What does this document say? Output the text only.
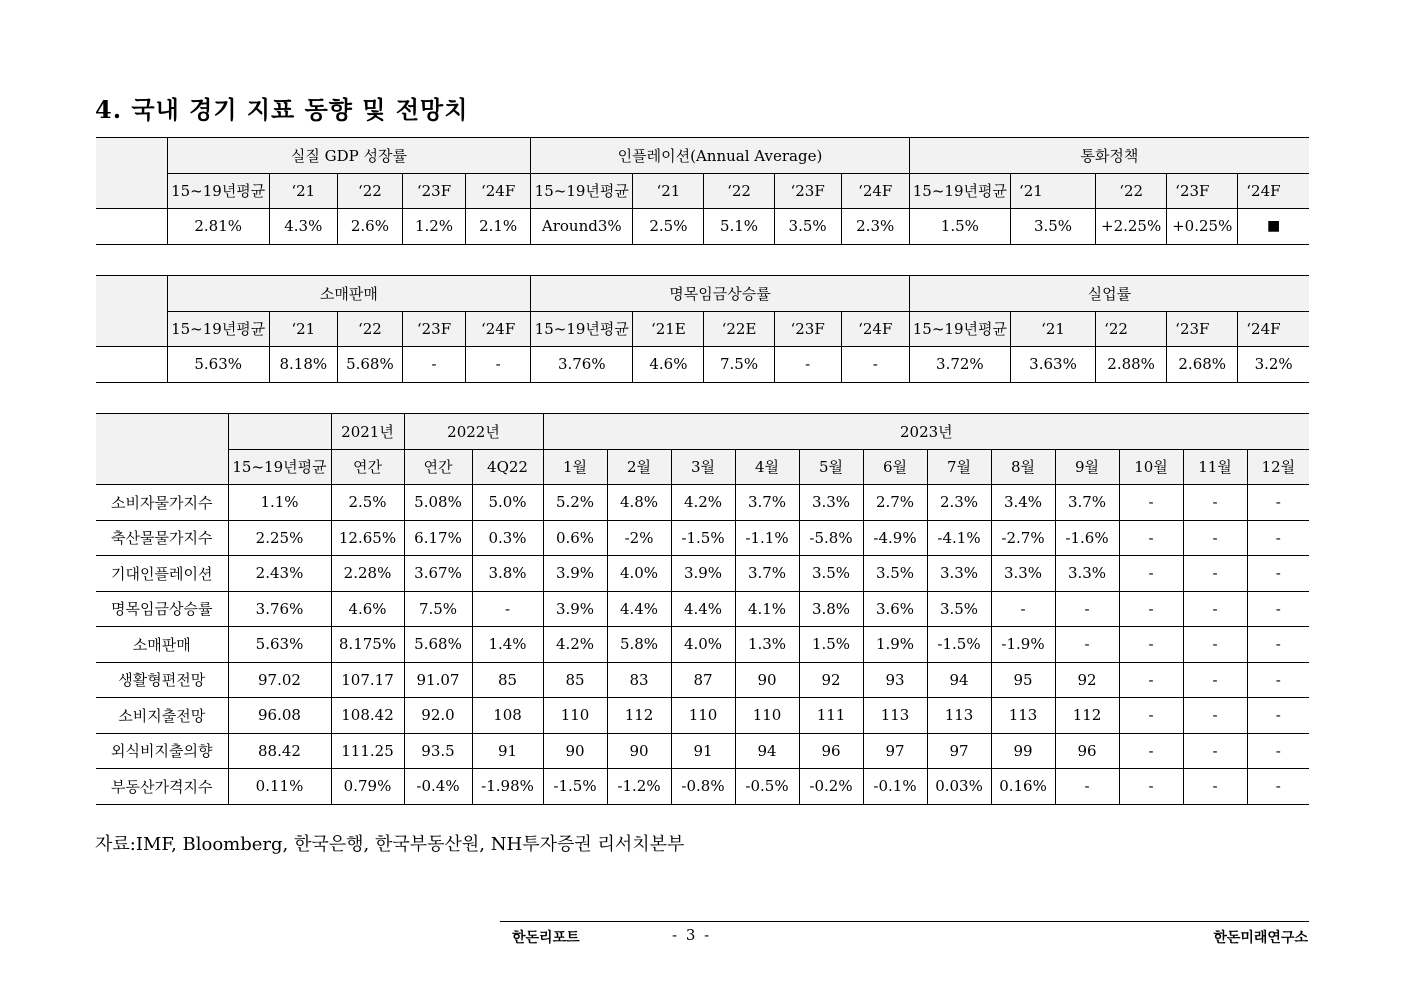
4. 국내 경기 지표 동향 및 전망치
	실질 GDP 성장률					인플레이션(Annual Average)					통화정책				
	15~19년평균	‘21	‘22	‘23F	‘24F	15~19년평균	‘21	‘22	‘23F	‘24F	15~19년평균	‘21	‘22	‘23F	‘24F
	2.81%	4.3%	2.6%	1.2%	2.1%	Around3%	2.5%	5.1%	3.5%	2.3%	1.5%	3.5%	+2.25%	+0.25%	■
	소매판매					명목임금상승률					실업률				
	15~19년평균	‘21	‘22	‘23F	‘24F	15~19년평균	‘21E	‘22E	‘23F	‘24F	15~19년평균	‘21	‘22	‘23F	‘24F
	5.63%	8.18%	5.68%	-	-	3.76%	4.6%	7.5%	-	-	3.72%	3.63%	2.88%	2.68%	3.2%
		2021년	2022년		2023년											
	15~19년평균	연간	연간	4Q22	1월	2월	3월	4월	5월	6월	7월	8월	9월	10월	11월	12월
소비자물가지수	1.1%	2.5%	5.08%	5.0%	5.2%	4.8%	4.2%	3.7%	3.3%	2.7%	2.3%	3.4%	3.7%	-	-	-
축산물물가지수	2.25%	12.65%	6.17%	0.3%	0.6%	-2%	-1.5%	-1.1%	-5.8%	-4.9%	-4.1%	-2.7%	-1.6%	-	-	-
기대인플레이션	2.43%	2.28%	3.67%	3.8%	3.9%	4.0%	3.9%	3.7%	3.5%	3.5%	3.3%	3.3%	3.3%	-	-	-
명목임금상승률	3.76%	4.6%	7.5%	-	3.9%	4.4%	4.4%	4.1%	3.8%	3.6%	3.5%	-	-	-	-	-
소매판매	5.63%	8.175%	5.68%	1.4%	4.2%	5.8%	4.0%	1.3%	1.5%	1.9%	-1.5%	-1.9%	-	-	-	-
생활형편전망	97.02	107.17	91.07	85	85	83	87	90	92	93	94	95	92	-	-	-
소비지출전망	96.08	108.42	92.0	108	110	112	110	110	111	113	113	113	112	-	-	-
외식비지출의향	88.42	111.25	93.5	91	90	90	91	94	96	97	97	99	96	-	-	-
부동산가격지수	0.11%	0.79%	-0.4%	-1.98%	-1.5%	-1.2%	-0.8%	-0.5%	-0.2%	-0.1%	0.03%	0.16%	-	-	-	-

자료:IMF, Bloomberg, 한국은행, 한국부동산원, NH투자증권 리서치본부

한돈리포트	- 3 -	한돈미래연구소
